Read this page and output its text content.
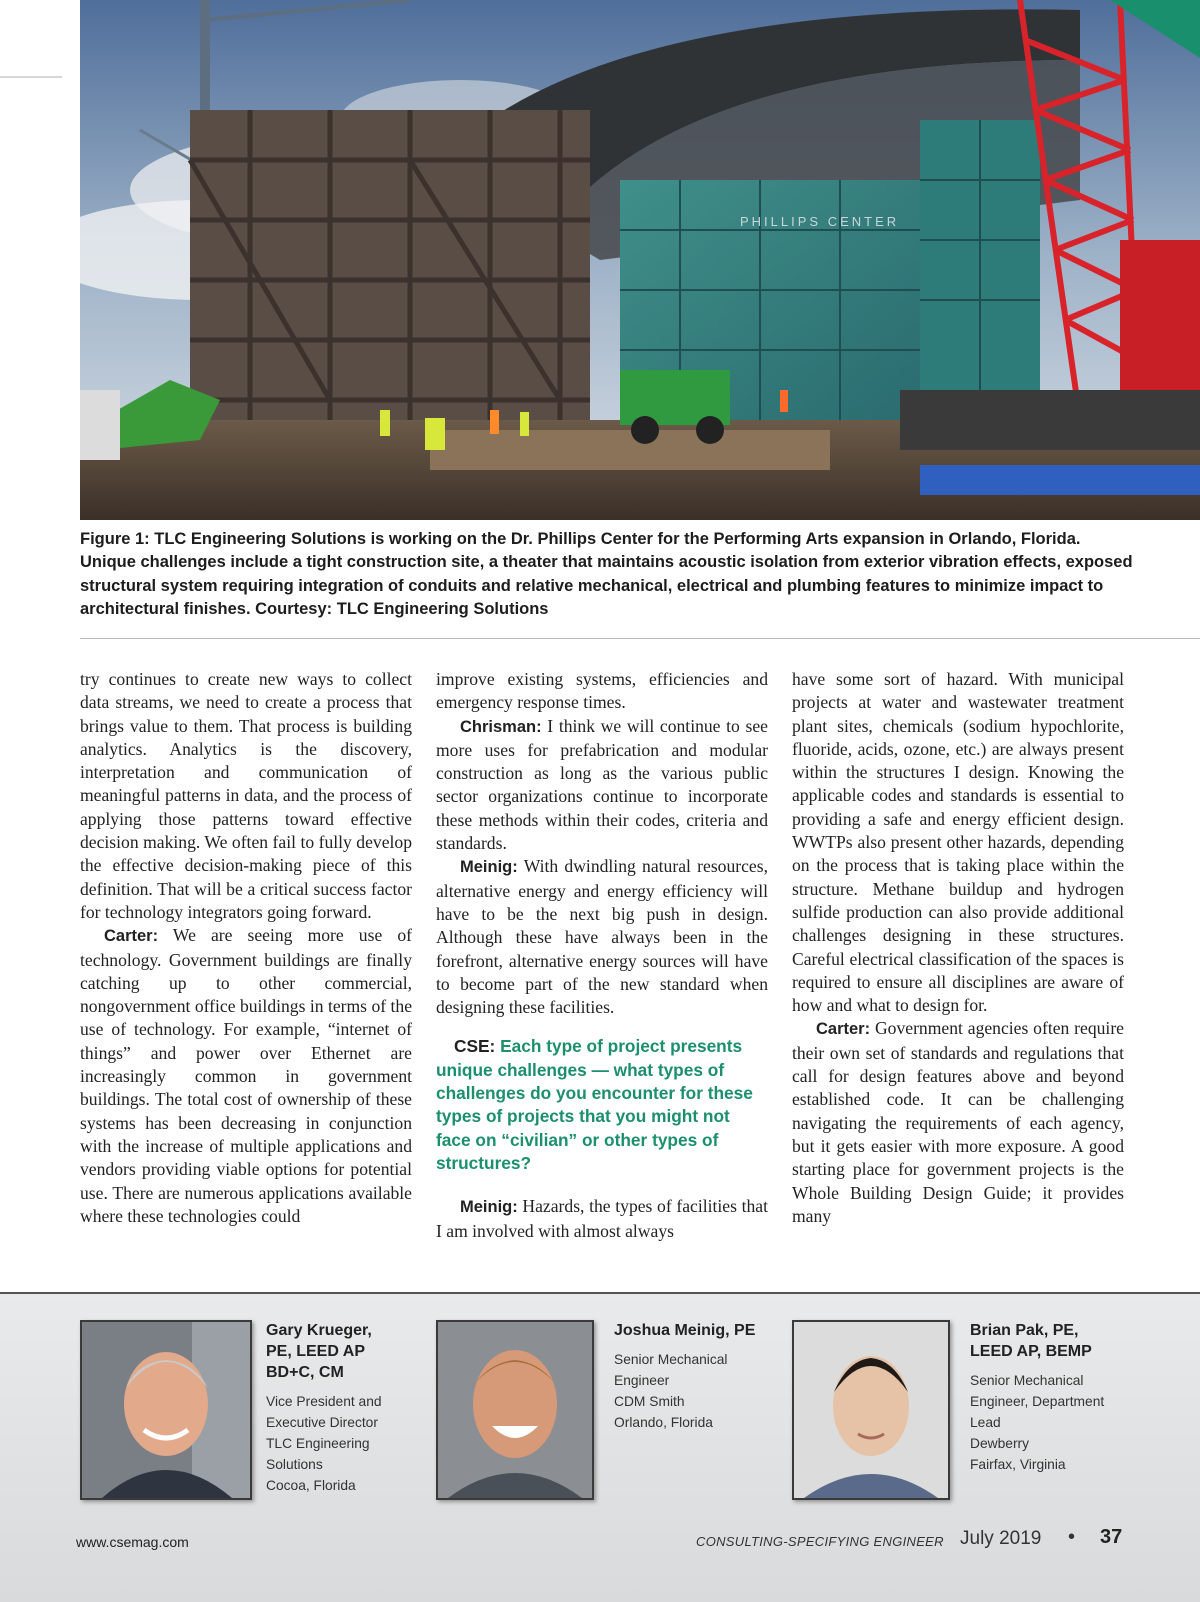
PHILLIPS CENTER
Figure 1: TLC Engineering Solutions is working on the Dr. Phillips Center for the Performing Arts expansion in Orlando, Florida. Unique challenges include a tight construction site, a theater that maintains acoustic isolation from exterior vibration effects, exposed structural system requiring integration of conduits and relative mechanical, electrical and plumbing features to minimize impact to architectural finishes. Courtesy: TLC Engineering Solutions

try continues to create new ways to collect data streams, we need to create a process that brings value to them. That process is building analytics. Analytics is the discovery, interpretation and communication of meaningful patterns in data, and the process of applying those patterns toward effective decision making. We often fail to fully develop the effective decision-making piece of this definition. That will be a critical success factor for technology integrators going forward.

Carter: We are seeing more use of technology. Government buildings are finally catching up to other commercial, nongovernment office buildings in terms of the use of technology. For example, “internet of things” and power over Ethernet are increasingly common in government buildings. The total cost of ownership of these systems has been decreasing in conjunction with the increase of multiple applications and vendors providing viable options for potential use. There are numerous applications available where these technologies could

improve existing systems, efficiencies and emergency response times.

Chrisman: I think we will continue to see more uses for prefabrication and modular construction as long as the various public sector organizations continue to incorporate these methods within their codes, criteria and standards.

Meinig: With dwindling natural resources, alternative energy and energy efficiency will have to be the next big push in design. Although these have always been in the forefront, alternative energy sources will have to become part of the new standard when designing these facilities.

CSE: Each type of project presents unique challenges — what types of challenges do you encounter for these types of projects that you might not face on “civilian” or other types of structures?

Meinig: Hazards, the types of facilities that I am involved with almost always

have some sort of hazard. With municipal projects at water and wastewater treatment plant sites, chemicals (sodium hypochlorite, fluoride, acids, ozone, etc.) are always present within the structures I design. Knowing the applicable codes and standards is essential to providing a safe and energy efficient design. WWTPs also present other hazards, depending on the process that is taking place within the structure. Methane buildup and hydrogen sulfide production can also provide additional challenges designing in these structures. Careful electrical classification of the spaces is required to ensure all disciplines are aware of how and what to design for.

Carter: Government agencies often require their own set of standards and regulations that call for design features above and beyond established code. It can be challenging navigating the requirements of each agency, but it gets easier with more exposure. A good starting place for government projects is the Whole Building Design Guide; it provides many

Gary Krueger,
PE, LEED AP
BD+C, CM
Vice President and
Executive Director
TLC Engineering
Solutions
Cocoa, Florida
Joshua Meinig, PE
Senior Mechanical
Engineer
CDM Smith
Orlando, Florida
Brian Pak, PE,
LEED AP, BEMP
Senior Mechanical
Engineer, Department
Lead
Dewberry
Fairfax, Virginia
www.csemag.com	CONSULTING-SPECIFYING ENGINEER July 2019 • 37
